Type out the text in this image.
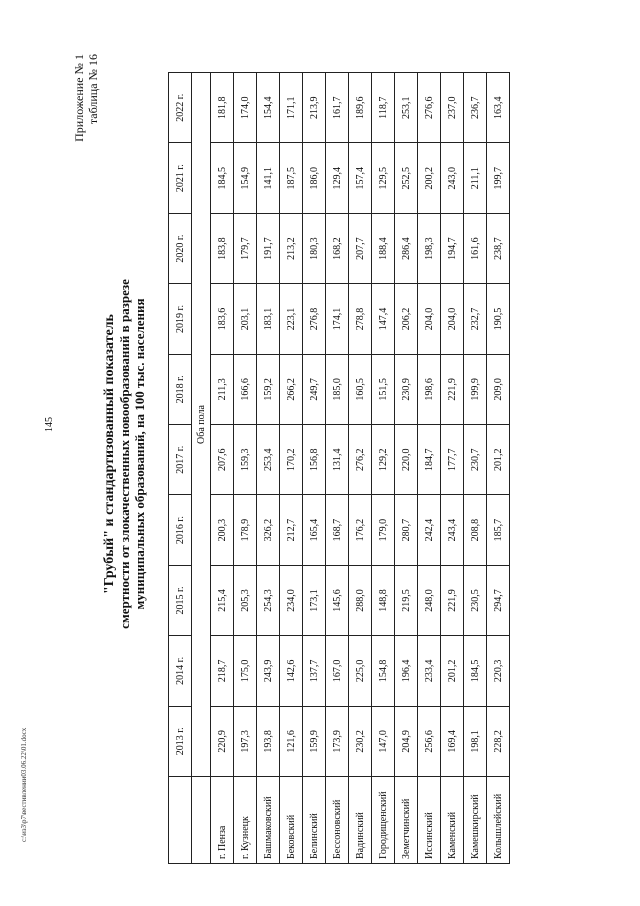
145
c:\из3\р7\вестивлении03.06.22\01.docx
Приложение № 1 таблица № 16
"Грубый" и стандартизованный показатель смертности от злокачественных новообразований в разрезе муниципальных образований, на 100 тыс. населения
	2013 г.	2014 г.	2015 г.	2016 г.	2017 г.	2018 г.	2019 г.	2020 г.	2021 г.	2022 г.
	Оба пола									
г. Пенза	220,9	218,7	215,4	200,3	207,6	211,3	183,6	183,8	184,5	181,8
г. Кузнецк	197,3	175,0	205,3	178,9	159,3	166,6	203,1	179,7	154,9	174,0
Башмаковский	193,8	243,9	254,3	326,2	253,4	159,2	183,1	191,7	141,1	154,4
Бековский	121,6	142,6	234,0	212,7	170,2	266,2	223,1	213,2	187,5	171,1
Белинский	159,9	137,7	173,1	165,4	156,8	249,7	276,8	180,3	186,0	213,9
Бессоновский	173,9	167,0	145,6	168,7	131,4	185,0	174,1	168,2	129,4	161,7
Вадинский	230,2	225,0	288,0	176,2	276,2	160,5	278,8	207,7	157,4	189,6
Городищенский	147,0	154,8	148,8	179,0	129,2	151,5	147,4	188,4	129,5	118,7
Земетчинский	204,9	196,4	219,5	280,7	220,0	230,9	206,2	286,4	252,5	253,1
Иссинский	256,6	233,4	248,0	242,4	184,7	198,6	204,0	198,3	200,2	276,6
Каменский	169,4	201,2	221,9	243,4	177,7	221,9	204,0	194,7	243,0	237,0
Камешкирский	198,1	184,5	230,5	208,8	230,7	199,9	232,7	161,6	211,1	236,7
Колышлейский	228,2	220,3	294,7	185,7	201,2	209,0	190,5	238,7	199,7	163,4
